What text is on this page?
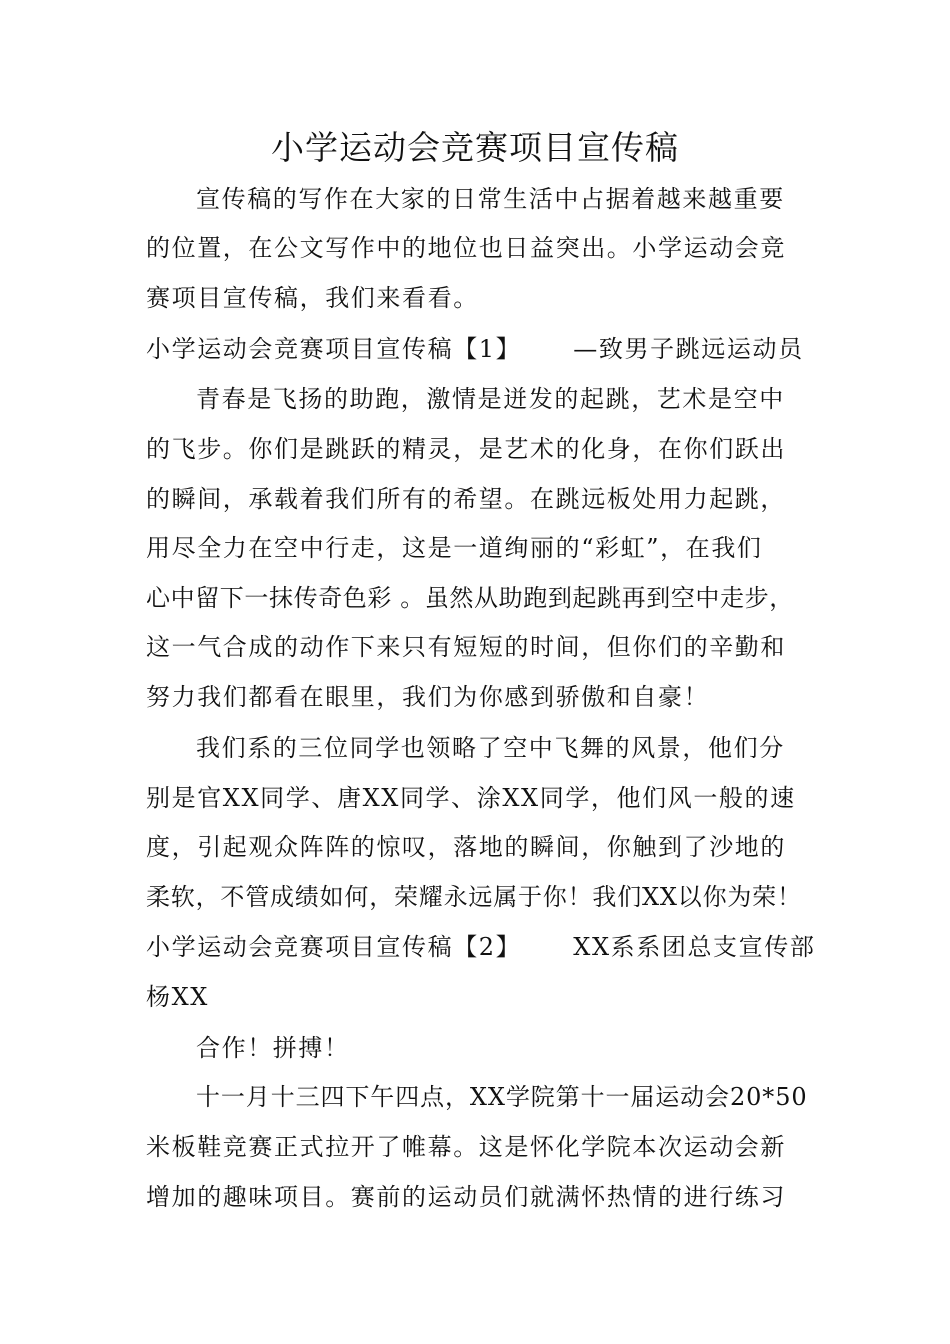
小学运动会竞赛项目宣传稿
宣传稿的写作在大家的日常生活中占据着越来越重要
的位置，在公文写作中的地位也日益突出。小学运动会竞
赛项目宣传稿，我们来看看。
小学运动会竞赛项目宣传稿【1】 —致男子跳远运动员
青春是飞扬的助跑，激情是迸发的起跳，艺术是空中
的飞步。你们是跳跃的精灵，是艺术的化身，在你们跃出
的瞬间，承载着我们所有的希望。在跳远板处用力起跳，
用尽全力在空中行走，这是一道绚丽的“彩虹”，在我们
心中留下一抹传奇色彩 。虽然从助跑到起跳再到空中走步，
这一气合成的动作下来只有短短的时间，但你们的辛勤和
努力我们都看在眼里，我们为你感到骄傲和自豪！
我们系的三位同学也领略了空中飞舞的风景，他们分
别是官XX同学、唐XX同学、涂XX同学，他们风一般的速
度，引起观众阵阵的惊叹，落地的瞬间，你触到了沙地的
柔软，不管成绩如何，荣耀永远属于你！我们XX以你为荣！
小学运动会竞赛项目宣传稿【2】 XX系系团总支宣传部
杨XX
合作！拼搏！
十一月十三四下午四点，XX学院第十一届运动会20*50
米板鞋竞赛正式拉开了帷幕。这是怀化学院本次运动会新
增加的趣味项目。赛前的运动员们就满怀热情的进行练习
